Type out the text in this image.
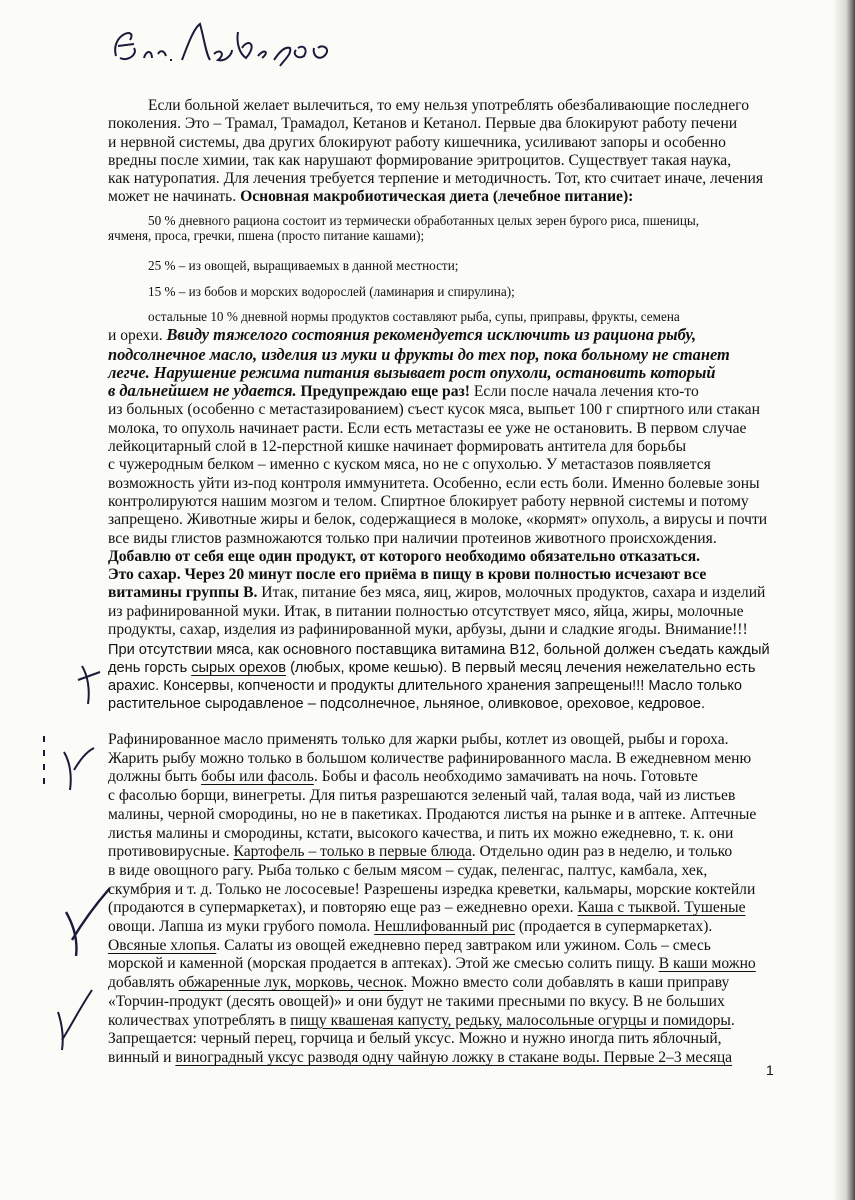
Если больной желает вылечиться, то ему нельзя употреблять обезбаливающие последнего
поколения. Это – Трамал, Трамадол, Кетанов и Кетанол. Первые два блокируют работу печени
и нервной системы, два других блокируют работу кишечника, усиливают запоры и особенно
вредны после химии, так как нарушают формирование эритроцитов. Существует такая наука,
как натуропатия. Для лечения требуется терпение и методичность. Тот, кто считает иначе, лечения
может не начинать. Основная макробиотическая диета (лечебное питание):
50 % дневного рациона состоит из термически обработанных целых зерен бурого риса, пшеницы,
ячменя, проса, гречки, пшена (просто питание кашами);
25 % – из овощей, выращиваемых в данной местности;
15 % – из бобов и морских водорослей (ламинария и спирулина);
остальные 10 % дневной нормы продуктов составляют рыба, супы, приправы, фрукты, семена
и орехи. Ввиду тяжелого состояния рекомендуется исключить из рациона рыбу,
подсолнечное масло, изделия из муки и фрукты до тех пор, пока больному не станет
легче. Нарушение режима питания вызывает рост опухоли, остановить который
в дальнейшем не удается. Предупреждаю еще раз! Если после начала лечения кто-то
из больных (особенно с метастазированием) съест кусок мяса, выпьет 100 г спиртного или стакан
молока, то опухоль начинает расти. Если есть метастазы ее уже не остановить. В первом случае
лейкоцитарный слой в 12-перстной кишке начинает формировать антитела для борьбы
с чужеродным белком – именно с куском мяса, но не с опухолью. У метастазов появляется
возможность уйти из-под контроля иммунитета. Особенно, если есть боли. Именно болевые зоны
контролируются нашим мозгом и телом. Спиртное блокирует работу нервной системы и потому
запрещено. Животные жиры и белок, содержащиеся в молоке, «кормят» опухоль, а вирусы и почти
все виды глистов размножаются только при наличии протеинов животного происхождения.
Добавлю от себя еще один продукт, от которого необходимо обязательно отказаться.
Это сахар. Через 20 минут после его приёма в пищу в крови полностью исчезают все
витамины группы В. Итак, питание без мяса, яиц, жиров, молочных продуктов, сахара и изделий
из рафинированной муки. Итак, в питании полностью отсутствует мясо, яйца, жиры, молочные
продукты, сахар, изделия из рафинированной муки, арбузы, дыни и сладкие ягоды. Внимание!!!
При отсутствии мяса, как основного поставщика витамина В12, больной должен съедать каждый
день горсть сырых орехов (любых, кроме кешью). В первый месяц лечения нежелательно есть
арахис. Консервы, копчености и продукты длительного хранения запрещены!!! Масло только
растительное сыродавленое – подсолнечное, льняное, оливковое, ореховое, кедровое.
Рафинированное масло применять только для жарки рыбы, котлет из овощей, рыбы и гороха.
Жарить рыбу можно только в большом количестве рафинированного масла. В ежедневном меню
должны быть бобы или фасоль. Бобы и фасоль необходимо замачивать на ночь. Готовьте
с фасолью борщи, винегреты. Для питья разрешаются зеленый чай, талая вода, чай из листьев
малины, черной смородины, но не в пакетиках. Продаются листья на рынке и в аптеке. Аптечные
листья малины и смородины, кстати, высокого качества, и пить их можно ежедневно, т. к. они
противовирусные. Картофель – только в первые блюда. Отдельно один раз в неделю, и только
в виде овощного рагу. Рыба только с белым мясом – судак, пеленгас, палтус, камбала, хек,
скумбрия и т. д. Только не лососевые! Разрешены изредка креветки, кальмары, морские коктейли
(продаются в супермаркетах), и повторяю еще раз – ежедневно орехи. Каша с тыквой. Тушеные
овощи. Лапша из муки грубого помола. Нешлифованный рис (продается в супермаркетах).
Овсяные хлопья. Салаты из овощей ежедневно перед завтраком или ужином. Соль – смесь
морской и каменной (морская продается в аптеках). Этой же смесью солить пищу. В каши можно
добавлять обжаренные лук, морковь, чеснок. Можно вместо соли добавлять в каши приправу
«Торчин-продукт (десять овощей)» и они будут не такими пресными по вкусу. В не больших
количествах употреблять в пищу квашеная капусту, редьку, малосольные огурцы и помидоры.
Запрещается: черный перец, горчица и белый уксус. Можно и нужно иногда пить яблочный,
винный и виноградный уксус разводя одну чайную ложку в стакане воды. Первые 2–3 месяца
1
